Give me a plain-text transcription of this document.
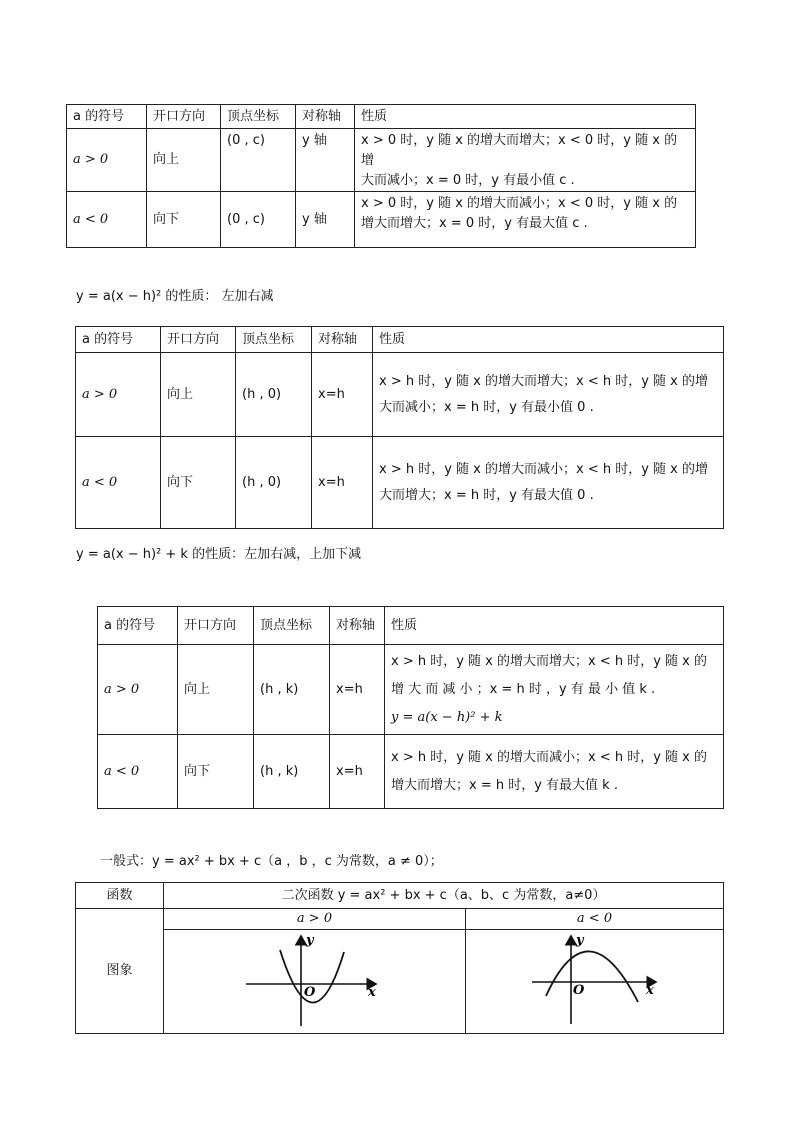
a 的符号	开口方向	顶点坐标	对称轴	性质
a > 0	向上	(0 , c)	y 轴	x > 0 时，y 随 x 的增大而增大；x < 0 时，y 随 x 的增
大而减小；x = 0 时，y 有最小值 c .

a < 0	向下	(0 , c)	y 轴	x > 0 时，y 随 x 的增大而减小；x < 0 时，y 随 x 的
增大而增大；x = 0 时，y 有最大值 c .
y = a(x − h)² 的性质： 左加右减
a 的符号	开口方向	顶点坐标	对称轴	性质
a > 0	向上	(h , 0)	x=h	x > h 时，y 随 x 的增大而增大；x < h 时，y 随 x 的增
大而减小；x = h 时，y 有最小值 0 .

a < 0	向下	(h , 0)	x=h	x > h 时，y 随 x 的增大而减小；x < h 时，y 随 x 的增
大而增大；x = h 时，y 有最大值 0 .
y = a(x − h)² + k 的性质：左加右减，上加下减
a 的符号	开口方向	顶点坐标	对称轴	性质
a > 0	向上	(h , k)	x=h	x > h 时，y 随 x 的增大而增大；x < h 时，y 随 x 的
增 大 而 减 小 ；x = h 时 ，y 有 最 小 值 k .
y = a(x − h)² + k

a < 0	向下	(h , k)	x=h	x > h 时，y 随 x 的增大而减小；x < h 时，y 随 x 的
增大而增大；x = h 时，y 有最大值 k .
一般式：y = ax² + bx + c（a ，b ，c 为常数，a ≠ 0）；
函数	二次函数 y = ax² + bx + c（a、b、c 为常数，a≠0）	
图象	a > 0	a < 0

y
O x	y
O x
